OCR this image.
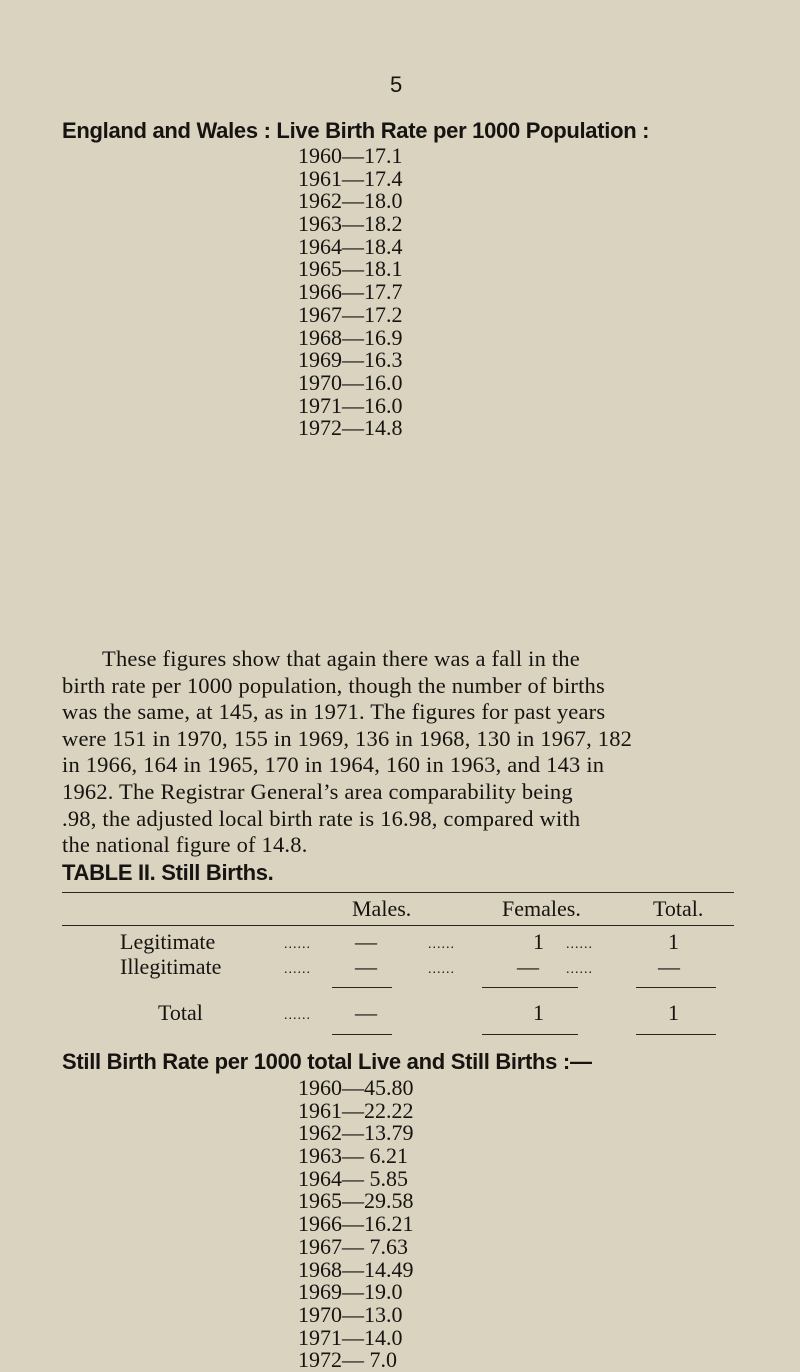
5
England and Wales : Live Birth Rate per 1000 Population :
1960—17.1
1961—17.4
1962—18.0
1963—18.2
1964—18.4
1965—18.1
1966—17.7
1967—17.2
1968—16.9
1969—16.3
1970—16.0
1971—16.0
1972—14.8
These figures show that again there was a fall in the
birth rate per 1000 population, though the number of births
was the same, at 145, as in 1971. The figures for past years
were 151 in 1970, 155 in 1969, 136 in 1968, 130 in 1967, 182
in 1966, 164 in 1965, 170 in 1964, 160 in 1963, and 143 in
1962. The Registrar General’s area comparability being
.98, the adjusted local birth rate is 16.98, compared with
the national figure of 14.8.
TABLE II. Still Births.
Males.	Females.	Total.
Legitimate	...... —	......	1 ......	1
Illegitimate	...... —	......	— ......	—
Total	...... —	1	1
Still Birth Rate per 1000 total Live and Still Births :—
1960—45.80
1961—22.22
1962—13.79
1963— 6.21
1964— 5.85
1965—29.58
1966—16.21
1967— 7.63
1968—14.49
1969—19.0
1970—13.0
1971—14.0
1972— 7.0
